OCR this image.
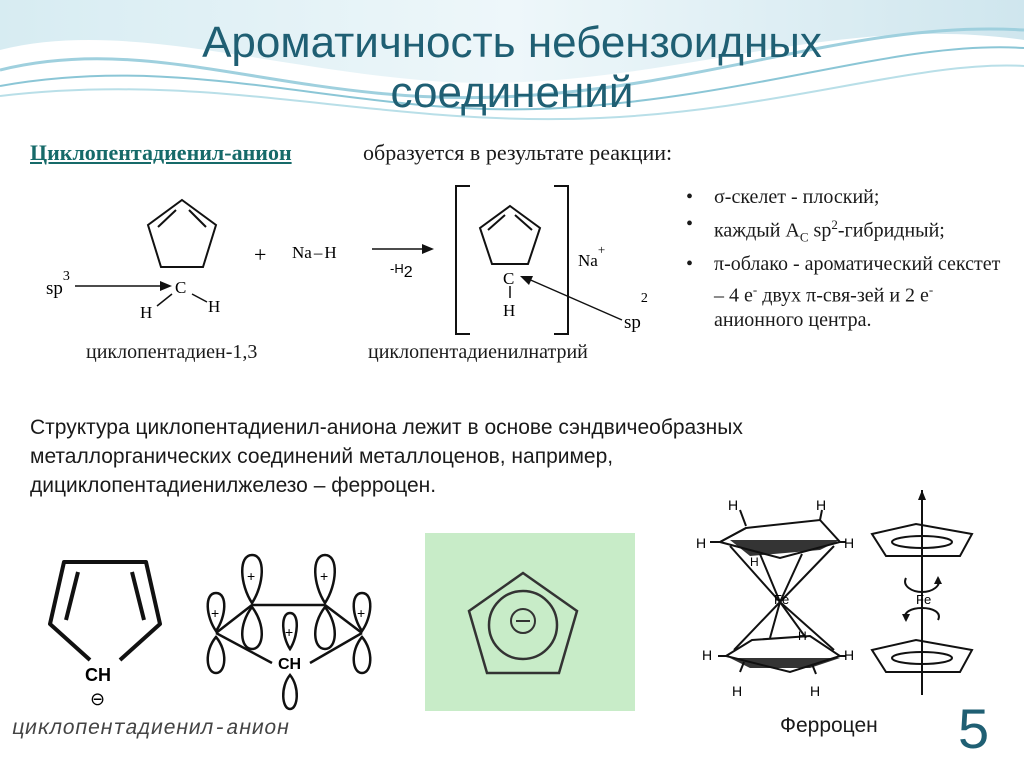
Ароматичность небензоидных
соединений
Циклопентадиенил-анион	образуется в результате реакции:
$sp^3$
C
H	H
+ Na – H
-H2	C
H
Na+
$sp^2$
циклопентадиен-1,3	циклопентадиенилнатрий
• σ-скелет - плоский;
• каждый $А_С$ $sp^2$-гибридный;
• π-облако - ароматический секстет – 4 е- двух π-свя-зей и 2 е- анионного центра.
Структура циклопентадиенил-аниона лежит в основе сэндвичеобразных
металлорганических соединений металлоценов, например,
дициклопентадиенилжелезо – ферроцен.
CH
⊖
CH
+	+
+	+
+
Fe	Fe
H	H
H	H
H
H
H	H
H	H
циклопентадиенил-анион	Ферроцен 5
